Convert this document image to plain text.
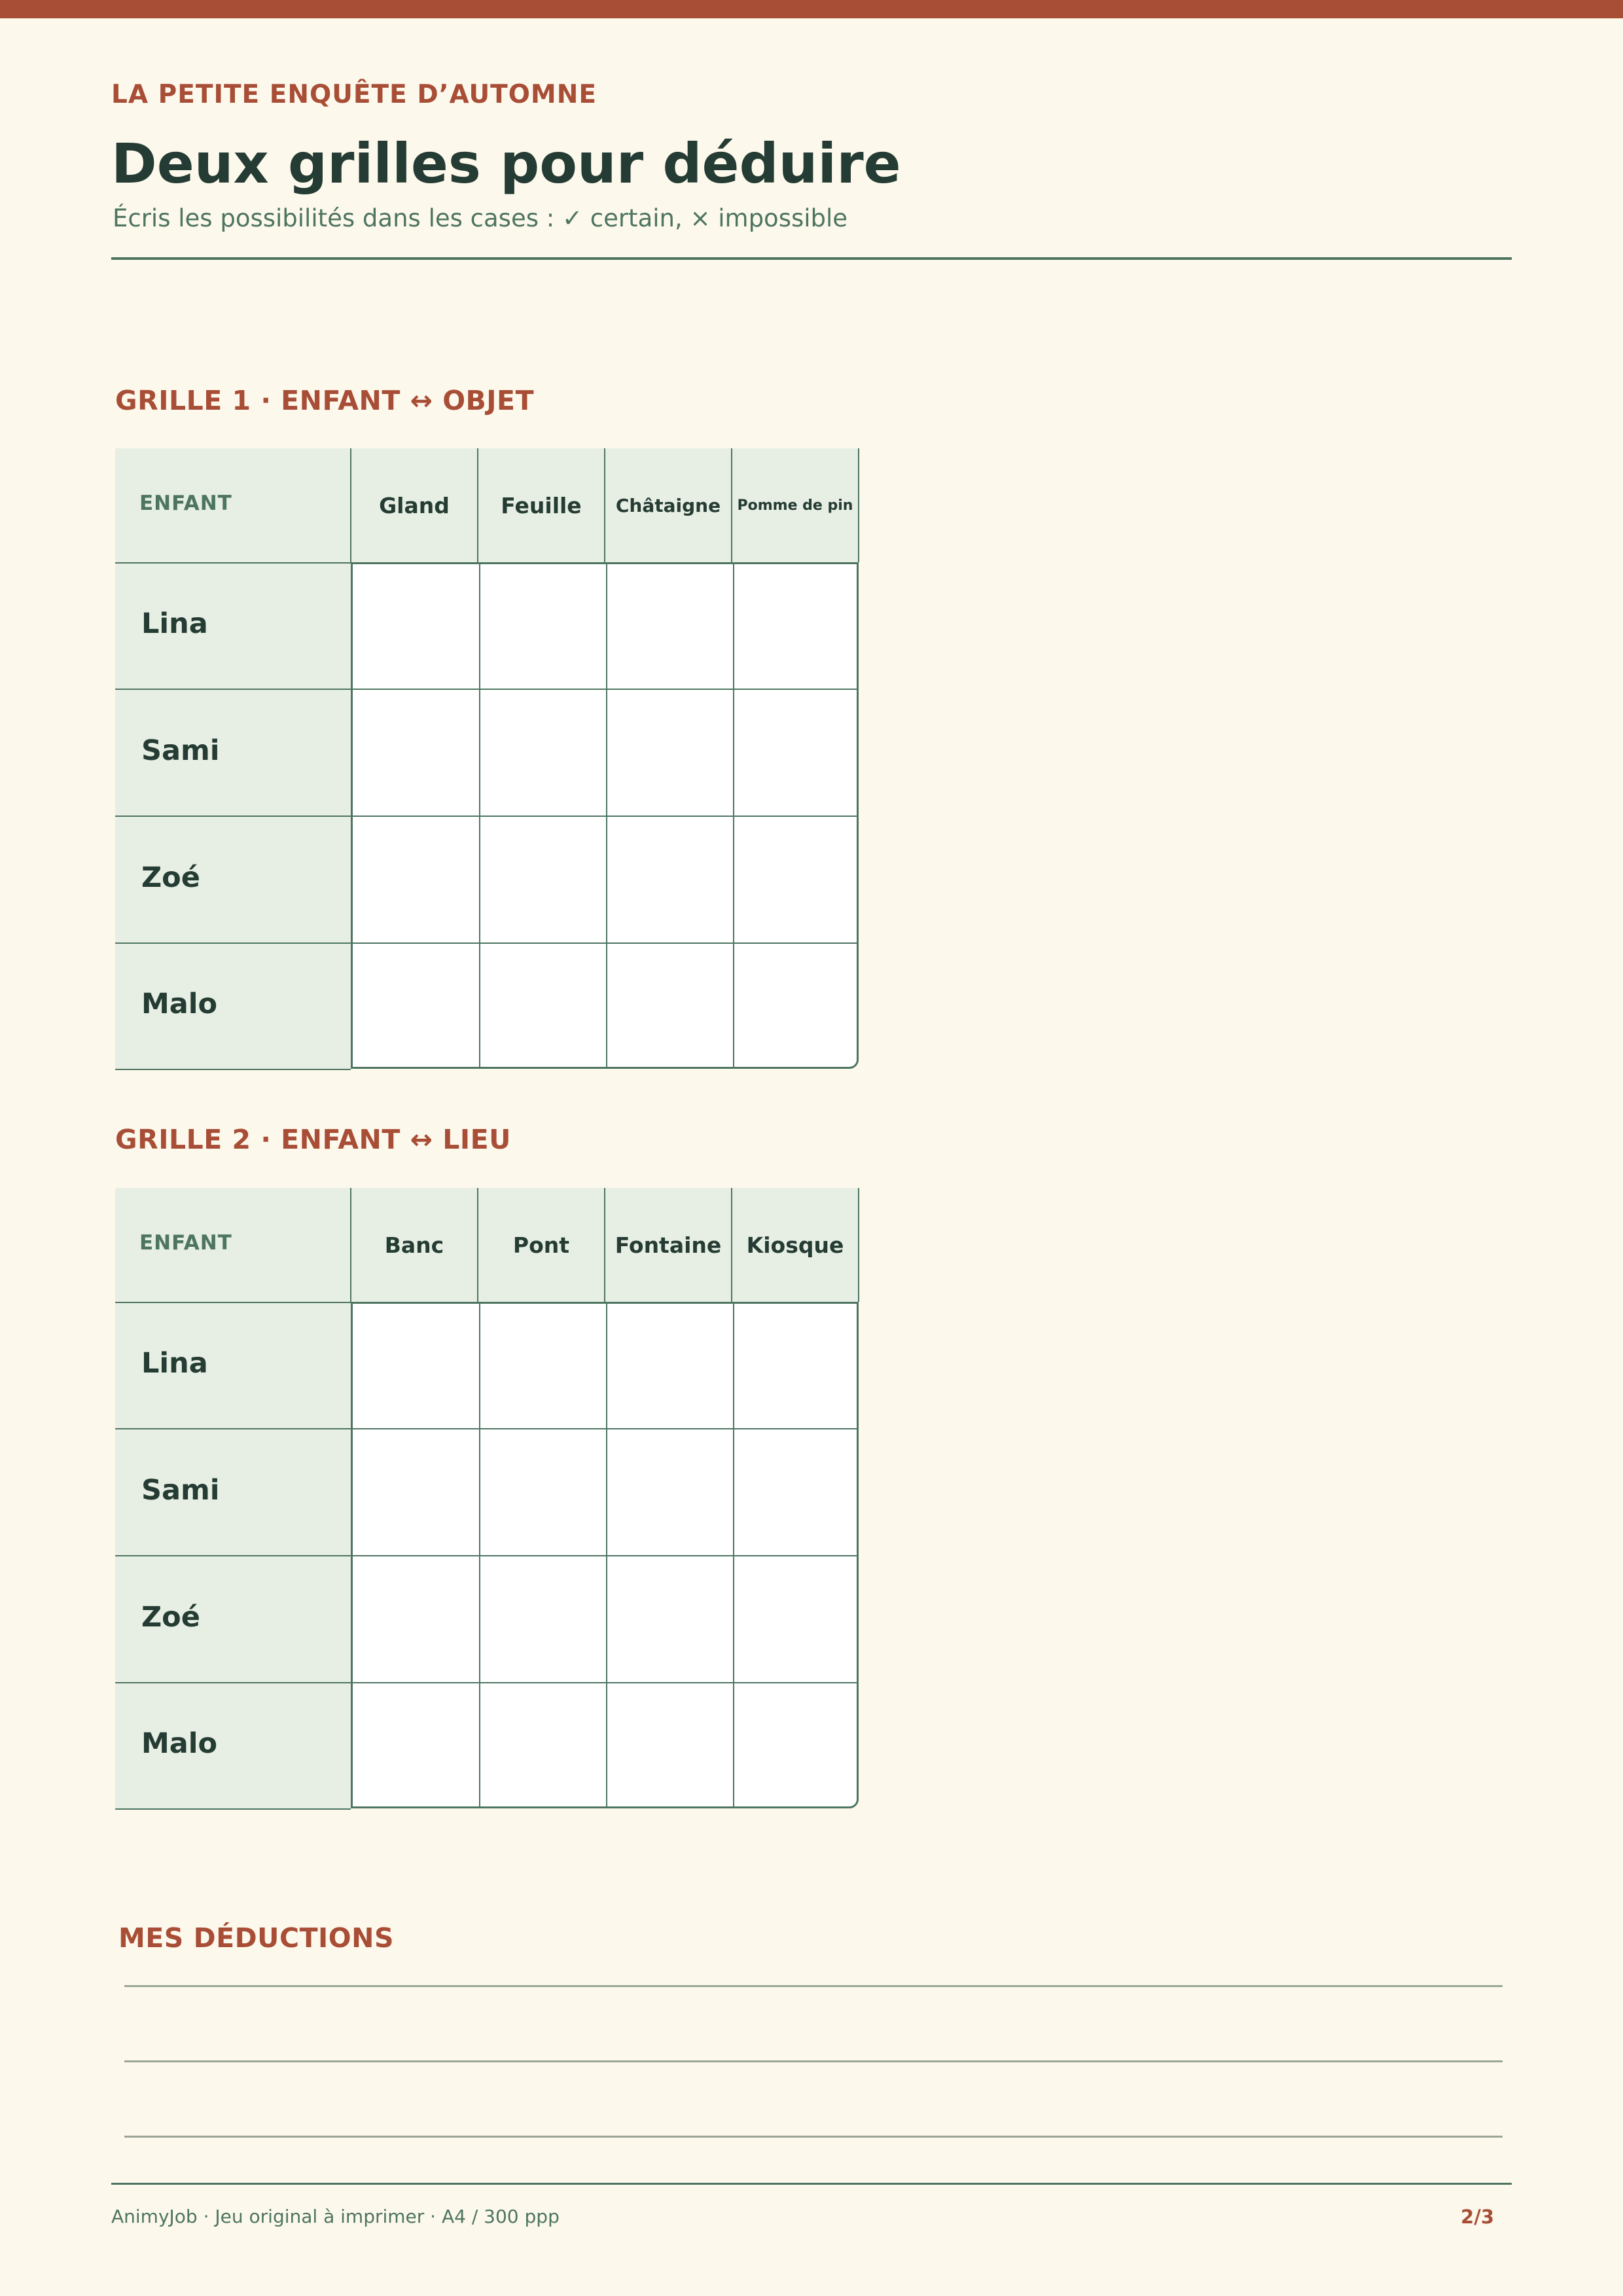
LA PETITE ENQUÊTE D’AUTOMNE
Deux grilles pour déduire
Écris les possibilités dans les cases : ✓ certain, × impossible
GRILLE 1 · ENFANT ↔ OBJET
ENFANT	Gland	Feuille	Châtaigne	Pomme de pin
Lina
Sami
Zoé
Malo
GRILLE 2 · ENFANT ↔ LIEU
ENFANT	Banc	Pont	Fontaine	Kiosque
Lina
Sami
Zoé
Malo
MES DÉDUCTIONS
AnimyJob · Jeu original à imprimer · A4 / 300 ppp	2/3
